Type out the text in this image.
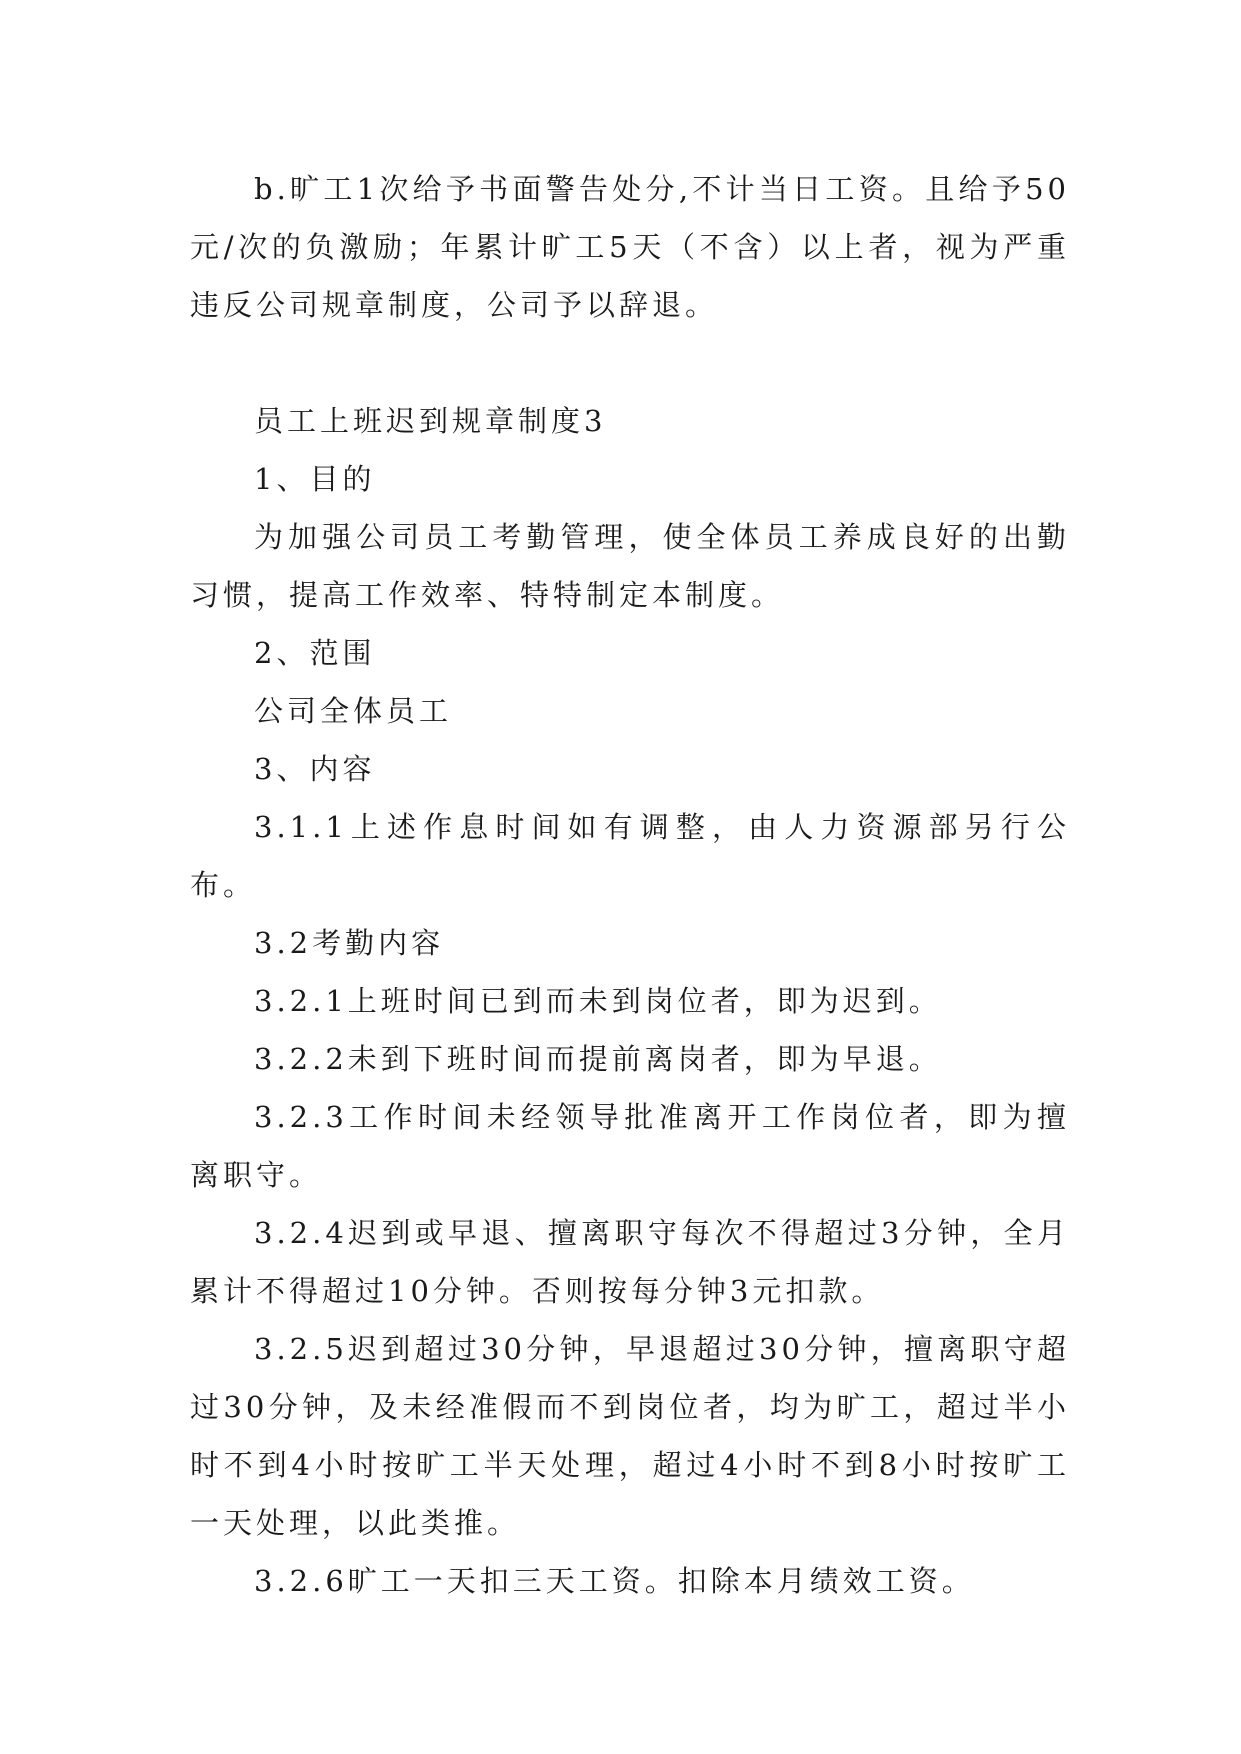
b.旷工1次给予书面警告处分,不计当日工资。且给予50元/次的负激励；年累计旷工5天（不含）以上者，视为严重违反公司规章制度，公司予以辞退。

员工上班迟到规章制度3

1、目的

为加强公司员工考勤管理，使全体员工养成良好的出勤习惯，提高工作效率、特特制定本制度。

2、范围

公司全体员工

3、内容

3.1.1上述作息时间如有调整，由人力资源部另行公布。

3.2考勤内容

3.2.1上班时间已到而未到岗位者，即为迟到。

3.2.2未到下班时间而提前离岗者，即为早退。

3.2.3工作时间未经领导批准离开工作岗位者，即为擅离职守。

3.2.4迟到或早退、擅离职守每次不得超过3分钟，全月累计不得超过10分钟。否则按每分钟3元扣款。

3.2.5迟到超过30分钟，早退超过30分钟，擅离职守超过30分钟，及未经准假而不到岗位者，均为旷工，超过半小时不到4小时按旷工半天处理，超过4小时不到8小时按旷工一天处理，以此类推。

3.2.6旷工一天扣三天工资。扣除本月绩效工资。
